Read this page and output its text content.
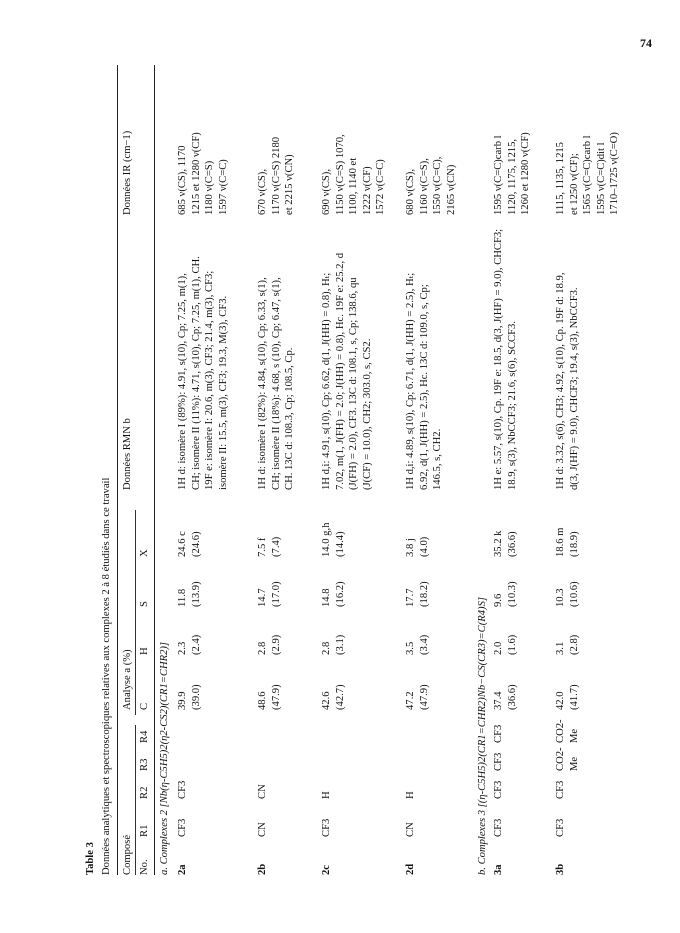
74
Table 3 Données analytiques et spectroscopiques relatives aux complexes 2 à 8 étudiés dans ce travail Composé
Analyse a (%)
Données RMN b
Données IR (cm−1)
No.
R1
R2
R3
R4
C
H
S
X
a. Complexes 2 [Nb(η-C5H5)2(η2-CS2)(CR1=CHR2)] 2a
CF3
CF3
39.9
2.3
11.8
24.6 c
(39.0)
(2.4)
(13.9)
(24.6)
1H d: isomère I (89%): 4.91, s(10), Cp; 7.25, m(1), CH; isomère II (11%): 4.71, s(10), Cp; 7.25, m(1), CH. 19F e: isomère I: 20.6, m(3), CF3; 21.4, m(3), CF3; isomère II: 15.5, m(3), CF3; 19.3, M(3), CF3.
685 ν(CS), 1170 1215 et 1280 ν(CF) 1180 ν(C=S) 1597 ν(C=C)
2b
CN
CN
48.6
2.8
14.7
7.5 f
(47.9)
(2.9)
(17.0)
(7.4)
1H d: isomère I (82%): 4.84, s(10), Cp; 6.33, s(1), CH; isomère II (18%): 4.68, s (10), Cp; 6.47, s(1), CH. 13C d: 108.3, Cp; 108.5, Cp.
670 ν(CS), 1170 ν(C=S) 2180 et 2215 ν(CN)
2c
CF3
H
42.6
2.8
14.8
14.0 g,h
(42.7)
(3.1)
(16.2)
(14.4)
1H d,i: 4.91, s(10), Cp; 6.62, d(1, J(HH) = 0.8), Hₜ; 7.02, m(1, J(FH) = 2.0; J(HH) = 0.8), Hc. 19F e: 25.2, d (J(FH) = 2.0), CF3. 13C d: 108.1, s, Cp; 138.6, qu (J(CF) = 10.0), CH2; 303.0, s, CS2.
690 ν(CS), 1150 ν(C=S) 1070, 1100, 1140 et 1222 ν(CF) 1572 ν(C=C)
2d
CN
H
47.2
3.5
17.7
3.8 j
(47.9)
(3.4)
(18.2)
(4.0)
1H d,i: 4.89, s(10), Cp; 6.71, d(1, J(HH) = 2.5), Hₜ; 6.92, d(1, J(HH) = 2.5), Hc. 13C d: 109.0, s, Cp; 146.5, s, CH2.
680 ν(CS), 1160 ν(C=S), 1550 ν(C=C), 2165 ν(CN)
b. Complexes 3 [(η-C5H5)2(CR1=CHR2)Nb−CS(CR3)=C(R4)S] 3a
CF3
CF3
CF3
CF3
37.4
2.0
9.6
35.2 k
(36.6)
(1.6)
(10.3)
(36.6)
1H e: 5.57, s(10), Cp. 19F e: 18.5, d(3, J(HF) = 9.0), CHCF3; 18.9, s(3), NbCCF3; 21.6, s(6), SCCF3.
1595 ν(C=C)carb l 1120, 1175, 1215, 1260 et 1280 ν(CF)
3b
CF3
CF3
CO2-Me
CO2-Me
42.0
3.1
10.3
18.6 m
(41.7)
(2.8)
(10.6)
(18.9)
1H d: 3.32, s(6), CH3; 4.92, s(10), Cp. 19F d: 18.9, d(3, J(HF) = 9.0), CHCF3; 19.4, s(3), NbCCF3.
1115, 1135, 1215 et 1250 ν(CF); 1565 ν(C=C)carb l 1595 ν(C=C)dit l 1710–1725 ν(C=O)
